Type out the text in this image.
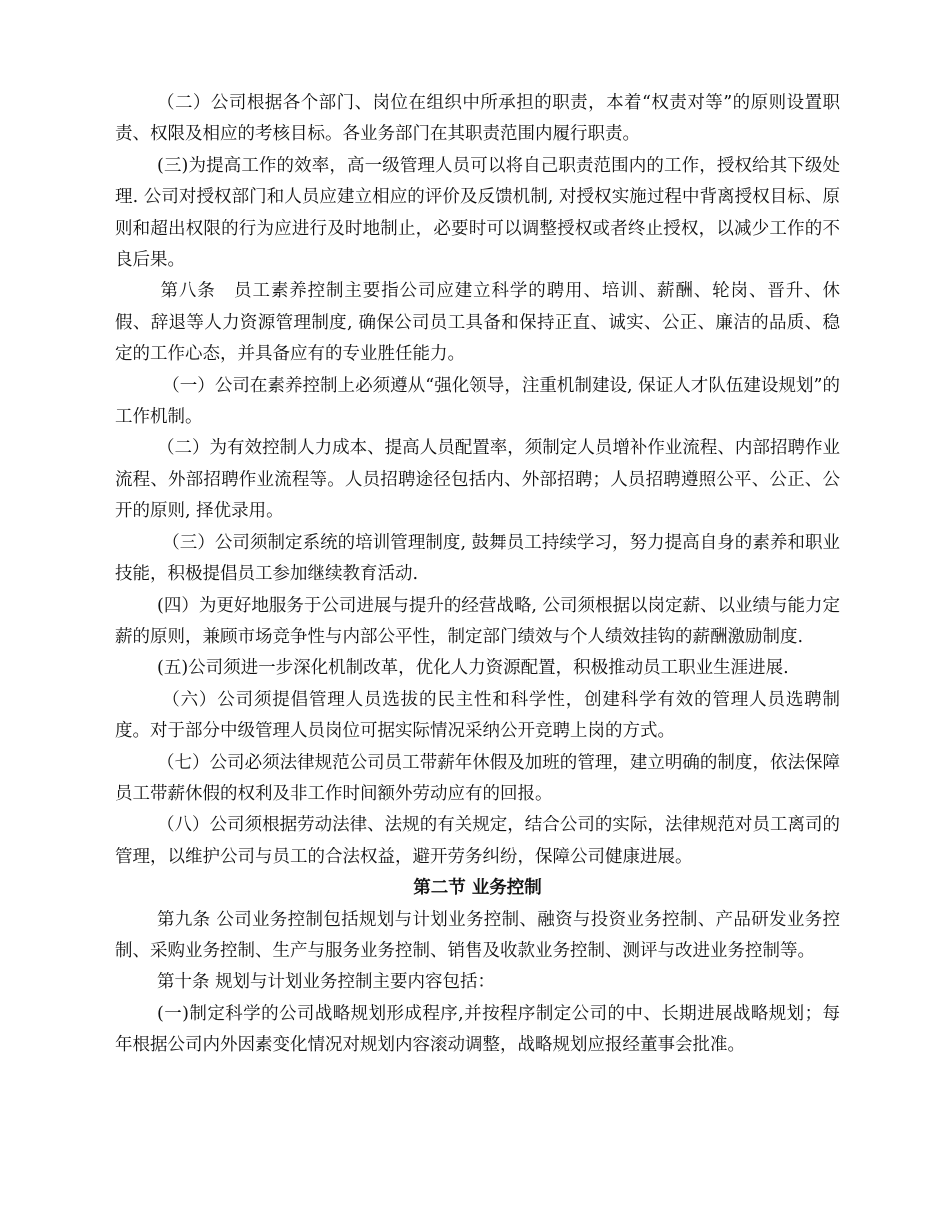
（二）公司根据各个部门、岗位在组织中所承担的职责，本着“权责对等”的原则设置职责、权限及相应的考核目标。各业务部门在其职责范围内履行职责。

(三)为提高工作的效率，高一级管理人员可以将自己职责范围内的工作，授权给其下级处理. 公司对授权部门和人员应建立相应的评价及反馈机制, 对授权实施过程中背离授权目标、原则和超出权限的行为应进行及时地制止，必要时可以调整授权或者终止授权，以减少工作的不良后果。

第八条　员工素养控制主要指公司应建立科学的聘用、培训、薪酬、轮岗、晋升、休假、辞退等人力资源管理制度, 确保公司员工具备和保持正直、诚实、公正、廉洁的品质、稳定的工作心态，并具备应有的专业胜任能力。

（一）公司在素养控制上必须遵从“强化领导，注重机制建设, 保证人才队伍建设规划”的工作机制。

（二）为有效控制人力成本、提高人员配置率，须制定人员增补作业流程、内部招聘作业流程、外部招聘作业流程等。人员招聘途径包括内、外部招聘；人员招聘遵照公平、公正、公开的原则, 择优录用。

（三）公司须制定系统的培训管理制度, 鼓舞员工持续学习，努力提高自身的素养和职业技能，积极提倡员工参加继续教育活动.

(四）为更好地服务于公司进展与提升的经营战略, 公司须根据以岗定薪、以业绩与能力定薪的原则，兼顾市场竞争性与内部公平性，制定部门绩效与个人绩效挂钩的薪酬激励制度.

(五)公司须进一步深化机制改革，优化人力资源配置，积极推动员工职业生涯进展.

（六）公司须提倡管理人员选拔的民主性和科学性，创建科学有效的管理人员选聘制度。对于部分中级管理人员岗位可据实际情况采纳公开竞聘上岗的方式。

（七）公司必须法律规范公司员工带薪年休假及加班的管理，建立明确的制度，依法保障员工带薪休假的权利及非工作时间额外劳动应有的回报。

（八）公司须根据劳动法律、法规的有关规定，结合公司的实际，法律规范对员工离司的管理，以维护公司与员工的合法权益，避开劳务纠纷，保障公司健康进展。

第二节 业务控制

第九条 公司业务控制包括规划与计划业务控制、融资与投资业务控制、产品研发业务控制、采购业务控制、生产与服务业务控制、销售及收款业务控制、测评与改进业务控制等。

第十条 规划与计划业务控制主要内容包括：

(一)制定科学的公司战略规划形成程序,并按程序制定公司的中、长期进展战略规划；每年根据公司内外因素变化情况对规划内容滚动调整，战略规划应报经董事会批准。
